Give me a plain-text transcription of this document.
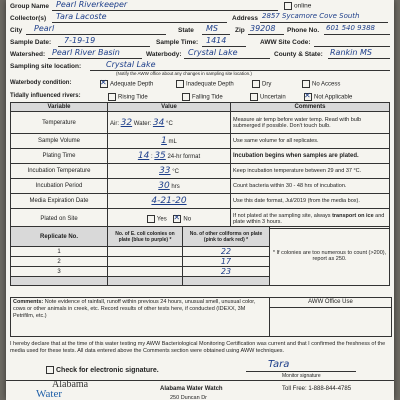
Group Name Pearl Riverkeeper	online
Collector(s) Tara Lacoste	Address 2857 Sycamore Cove South
City Pearl	State MS	Zip 39208 Phone No. 601 540 9388
Sample Date: 7-19-19	Sample Time: 1414	AWW Site Code:
Watershed: Pearl River Basin	Waterbody: Crystal Lake	County & State: Rankin MS
Sampling site location:	Crystal Lake
(Notify the AWW office about any changes in sampling site location.)
Waterbody condition: ✕	Adequate Depth	Inadequate Depth	Dry	No Access
Tidally influenced rivers:	Rising Tide	Falling Tide	Uncertain ✕	Not Applicable
Variable	Value	Comments
Temperature	Air: 32 Water: 34 °C	Measure air temp before water temp. Read with bulb submerged if possible. Don't touch bulb.
Sample Volume	1 mL	Use same volume for all replicates.
Plating Time	14 : 35 24-hr format	Incubation begins when samples are plated.
Incubation Temperature	33 °C	Keep incubation temperature between 29 and 37 °C.
Incubation Period	30 hrs	Count bacteria within 30 - 48 hrs of incubation.
Media Expiration Date	4-21-20	Use this date format, Jul/2019 (from the media box).
Plated on Site	Yes ✕ No	If not plated at the sampling site, always transport on ice and plate within 3 hours.
Replicate No.	No. of E. coli colonies on plate (blue to purple) *	No. of other coliforms on plate (pink to dark red) *	* If colonies are too numerous to count (>200), report as 250.
1		22	
2		17	
3		23	

Comments: Note evidence of rainfall, runoff within previous 24 hours, unusual smell, unusual color, cows or other animals in creek, etc. Record results of other tests here, if conducted (IDEXX, 3M Petrifilm, etc.)
AWW Office Use
I hereby declare that at the time of this water testing my AWW Bacteriological Monitoring Certification was current and that I confirmed the freshness of the media used for these tests. All data entered above the Comments section were obtained using AWW techniques.
Check for electronic signature.
Tara
Monitor signature
Alabama
Water	Alabama Water Watch
250 Duncan Dr
Toll Free: 1-888-844-4785
